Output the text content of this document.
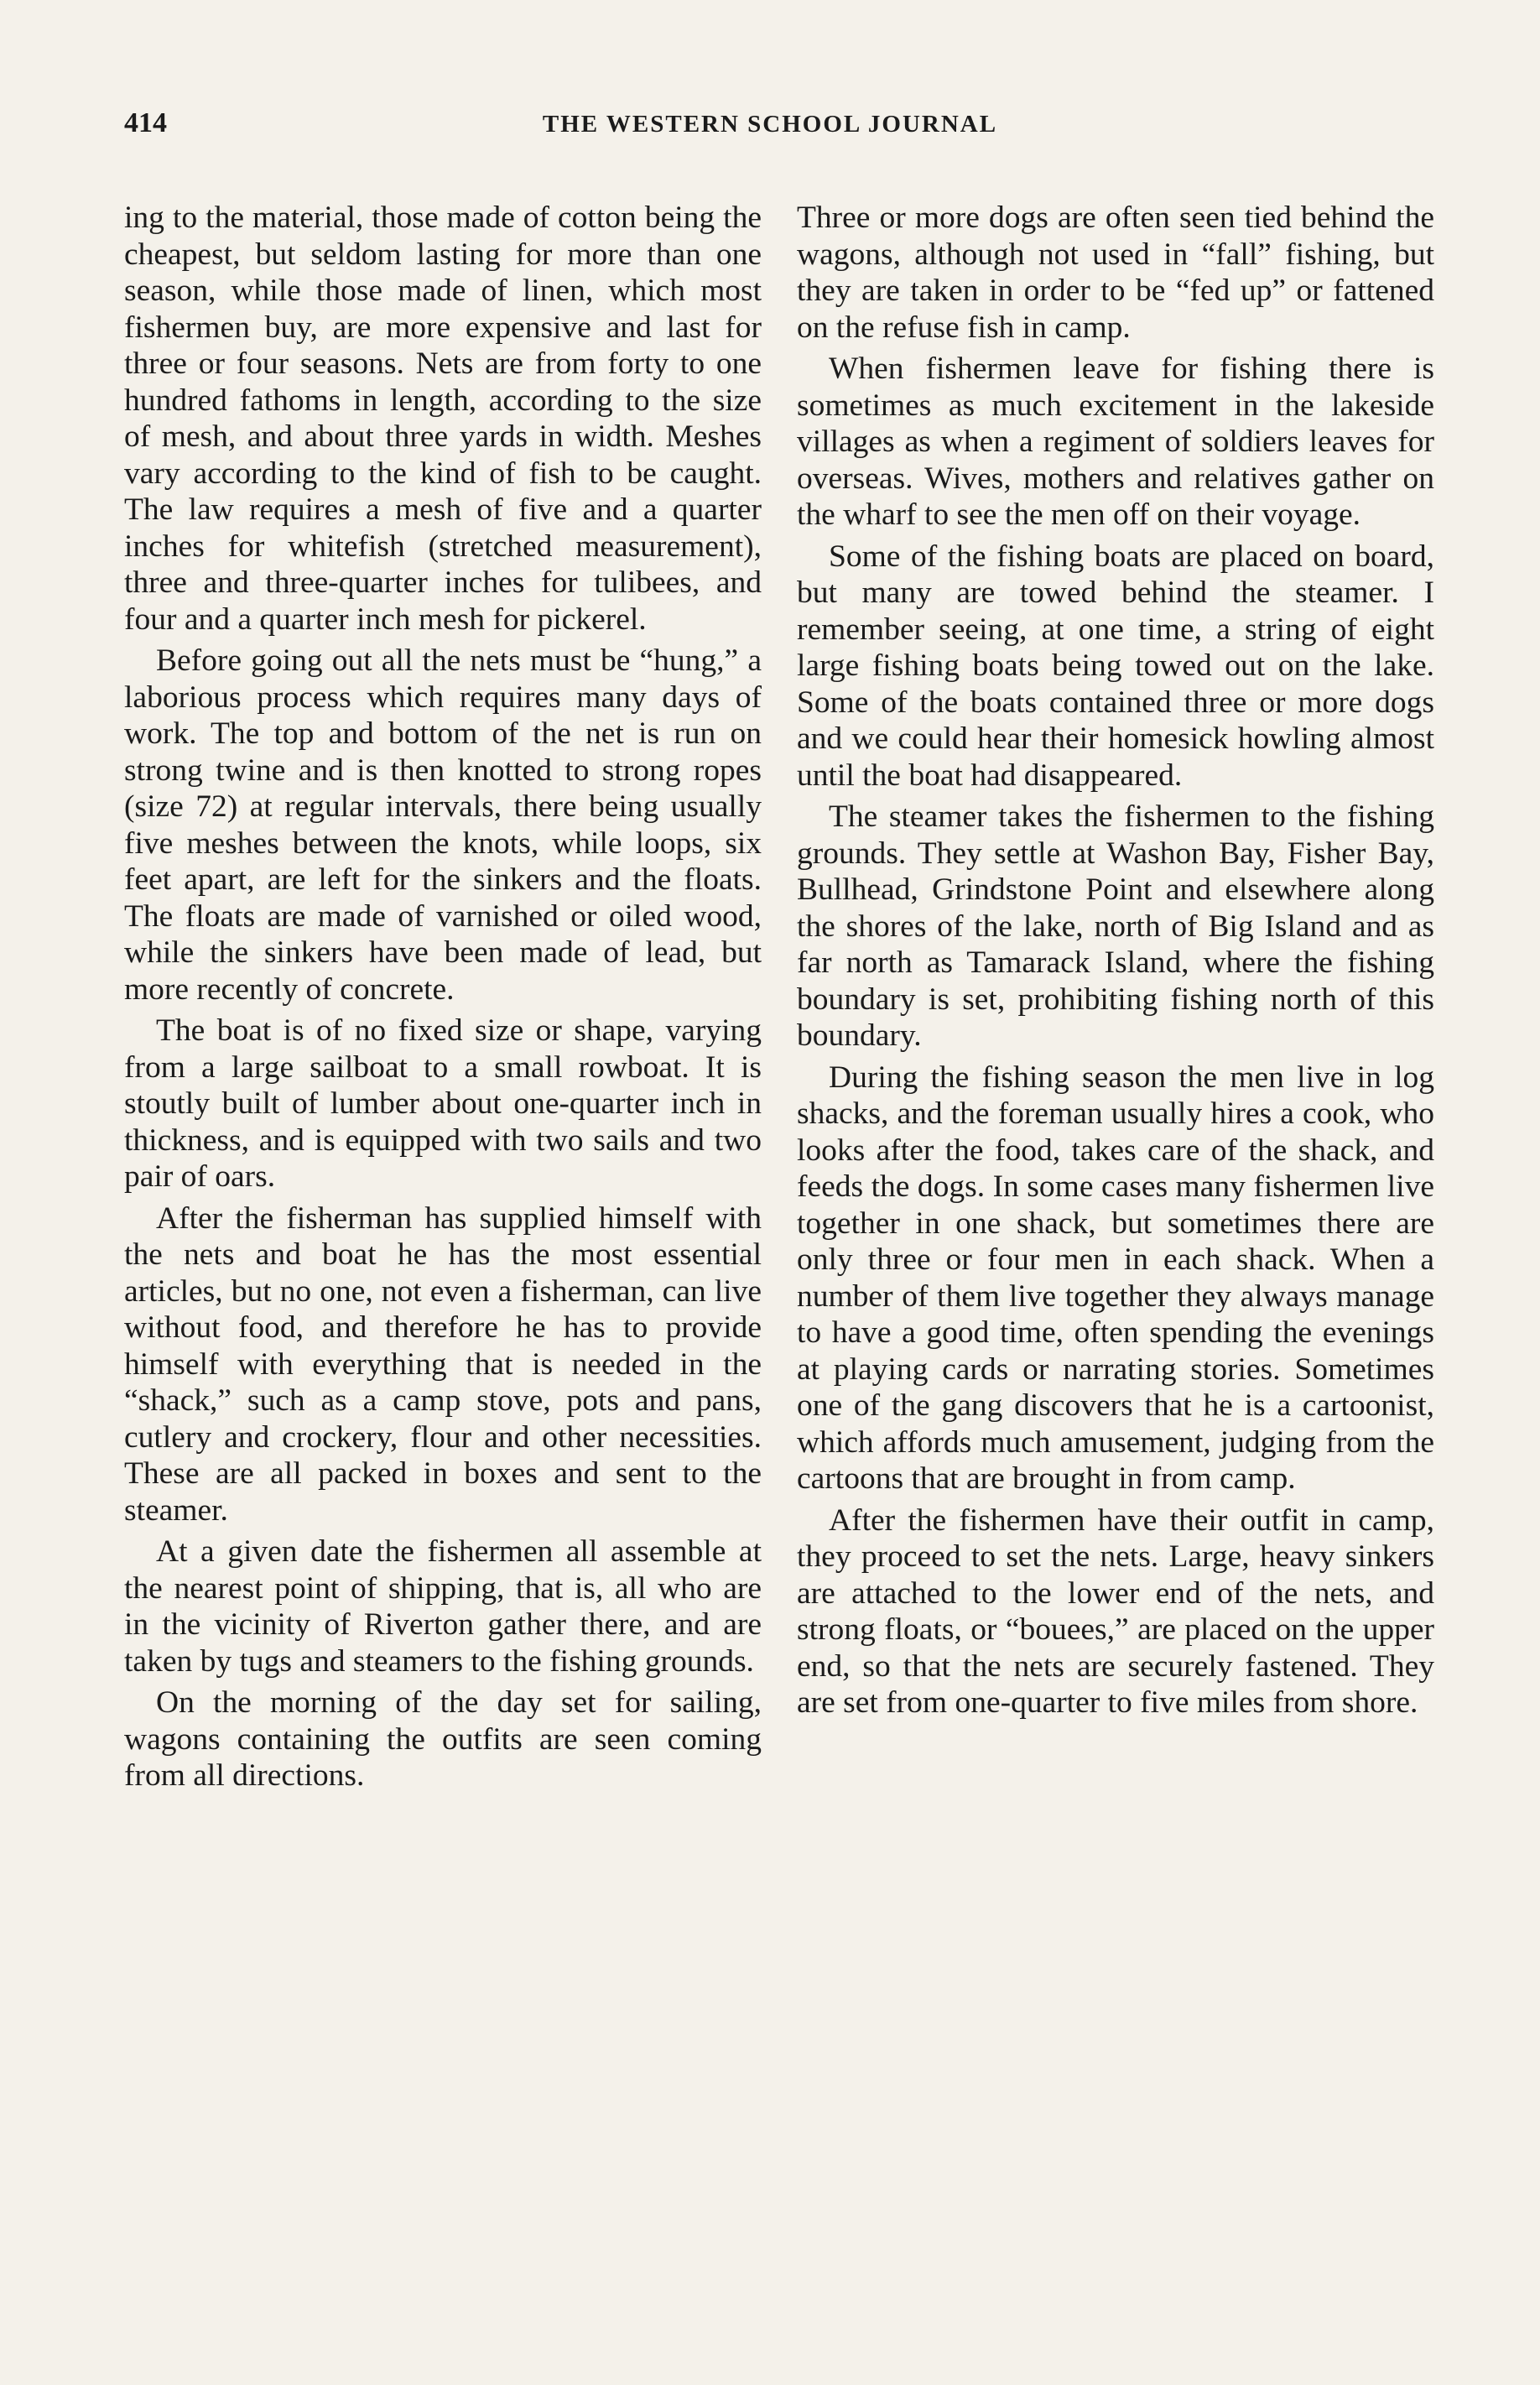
414	THE WESTERN SCHOOL JOURNAL

ing to the material, those made of cotton being the cheapest, but seldom lasting for more than one season, while those made of linen, which most fishermen buy, are more expensive and last for three or four seasons. Nets are from forty to one hundred fathoms in length, according to the size of mesh, and about three yards in width. Meshes vary according to the kind of fish to be caught. The law requires a mesh of five and a quarter inches for whitefish (stretched measurement), three and three-quarter inches for tulibees, and four and a quarter inch mesh for pickerel.

Before going out all the nets must be “hung,” a laborious process which requires many days of work. The top and bottom of the net is run on strong twine and is then knotted to strong ropes (size 72) at regular intervals, there being usually five meshes between the knots, while loops, six feet apart, are left for the sinkers and the floats. The floats are made of varnished or oiled wood, while the sinkers have been made of lead, but more recently of concrete.

The boat is of no fixed size or shape, varying from a large sailboat to a small rowboat. It is stoutly built of lumber about one-quarter inch in thickness, and is equipped with two sails and two pair of oars.

After the fisherman has supplied himself with the nets and boat he has the most essential articles, but no one, not even a fisherman, can live without food, and therefore he has to provide himself with everything that is needed in the “shack,” such as a camp stove, pots and pans, cutlery and crockery, flour and other necessities. These are all packed in boxes and sent to the steamer.

At a given date the fishermen all assemble at the nearest point of shipping, that is, all who are in the vicinity of Riverton gather there, and are taken by tugs and steamers to the fishing grounds.

On the morning of the day set for sailing, wagons containing the outfits are seen coming from all directions.

Three or more dogs are often seen tied behind the wagons, although not used in “fall” fishing, but they are taken in order to be “fed up” or fattened on the refuse fish in camp.

When fishermen leave for fishing there is sometimes as much excitement in the lakeside villages as when a regiment of soldiers leaves for overseas. Wives, mothers and relatives gather on the wharf to see the men off on their voyage.

Some of the fishing boats are placed on board, but many are towed behind the steamer. I remember seeing, at one time, a string of eight large fishing boats being towed out on the lake. Some of the boats contained three or more dogs and we could hear their homesick howling almost until the boat had disappeared.

The steamer takes the fishermen to the fishing grounds. They settle at Washon Bay, Fisher Bay, Bullhead, Grindstone Point and elsewhere along the shores of the lake, north of Big Island and as far north as Tamarack Island, where the fishing boundary is set, prohibiting fishing north of this boundary.

During the fishing season the men live in log shacks, and the foreman usually hires a cook, who looks after the food, takes care of the shack, and feeds the dogs. In some cases many fishermen live together in one shack, but sometimes there are only three or four men in each shack. When a number of them live together they always manage to have a good time, often spending the evenings at playing cards or narrating stories. Sometimes one of the gang discovers that he is a cartoonist, which affords much amusement, judging from the cartoons that are brought in from camp.

After the fishermen have their outfit in camp, they proceed to set the nets. Large, heavy sinkers are attached to the lower end of the nets, and strong floats, or “bouees,” are placed on the upper end, so that the nets are securely fastened. They are set from one-quarter to five miles from shore.
